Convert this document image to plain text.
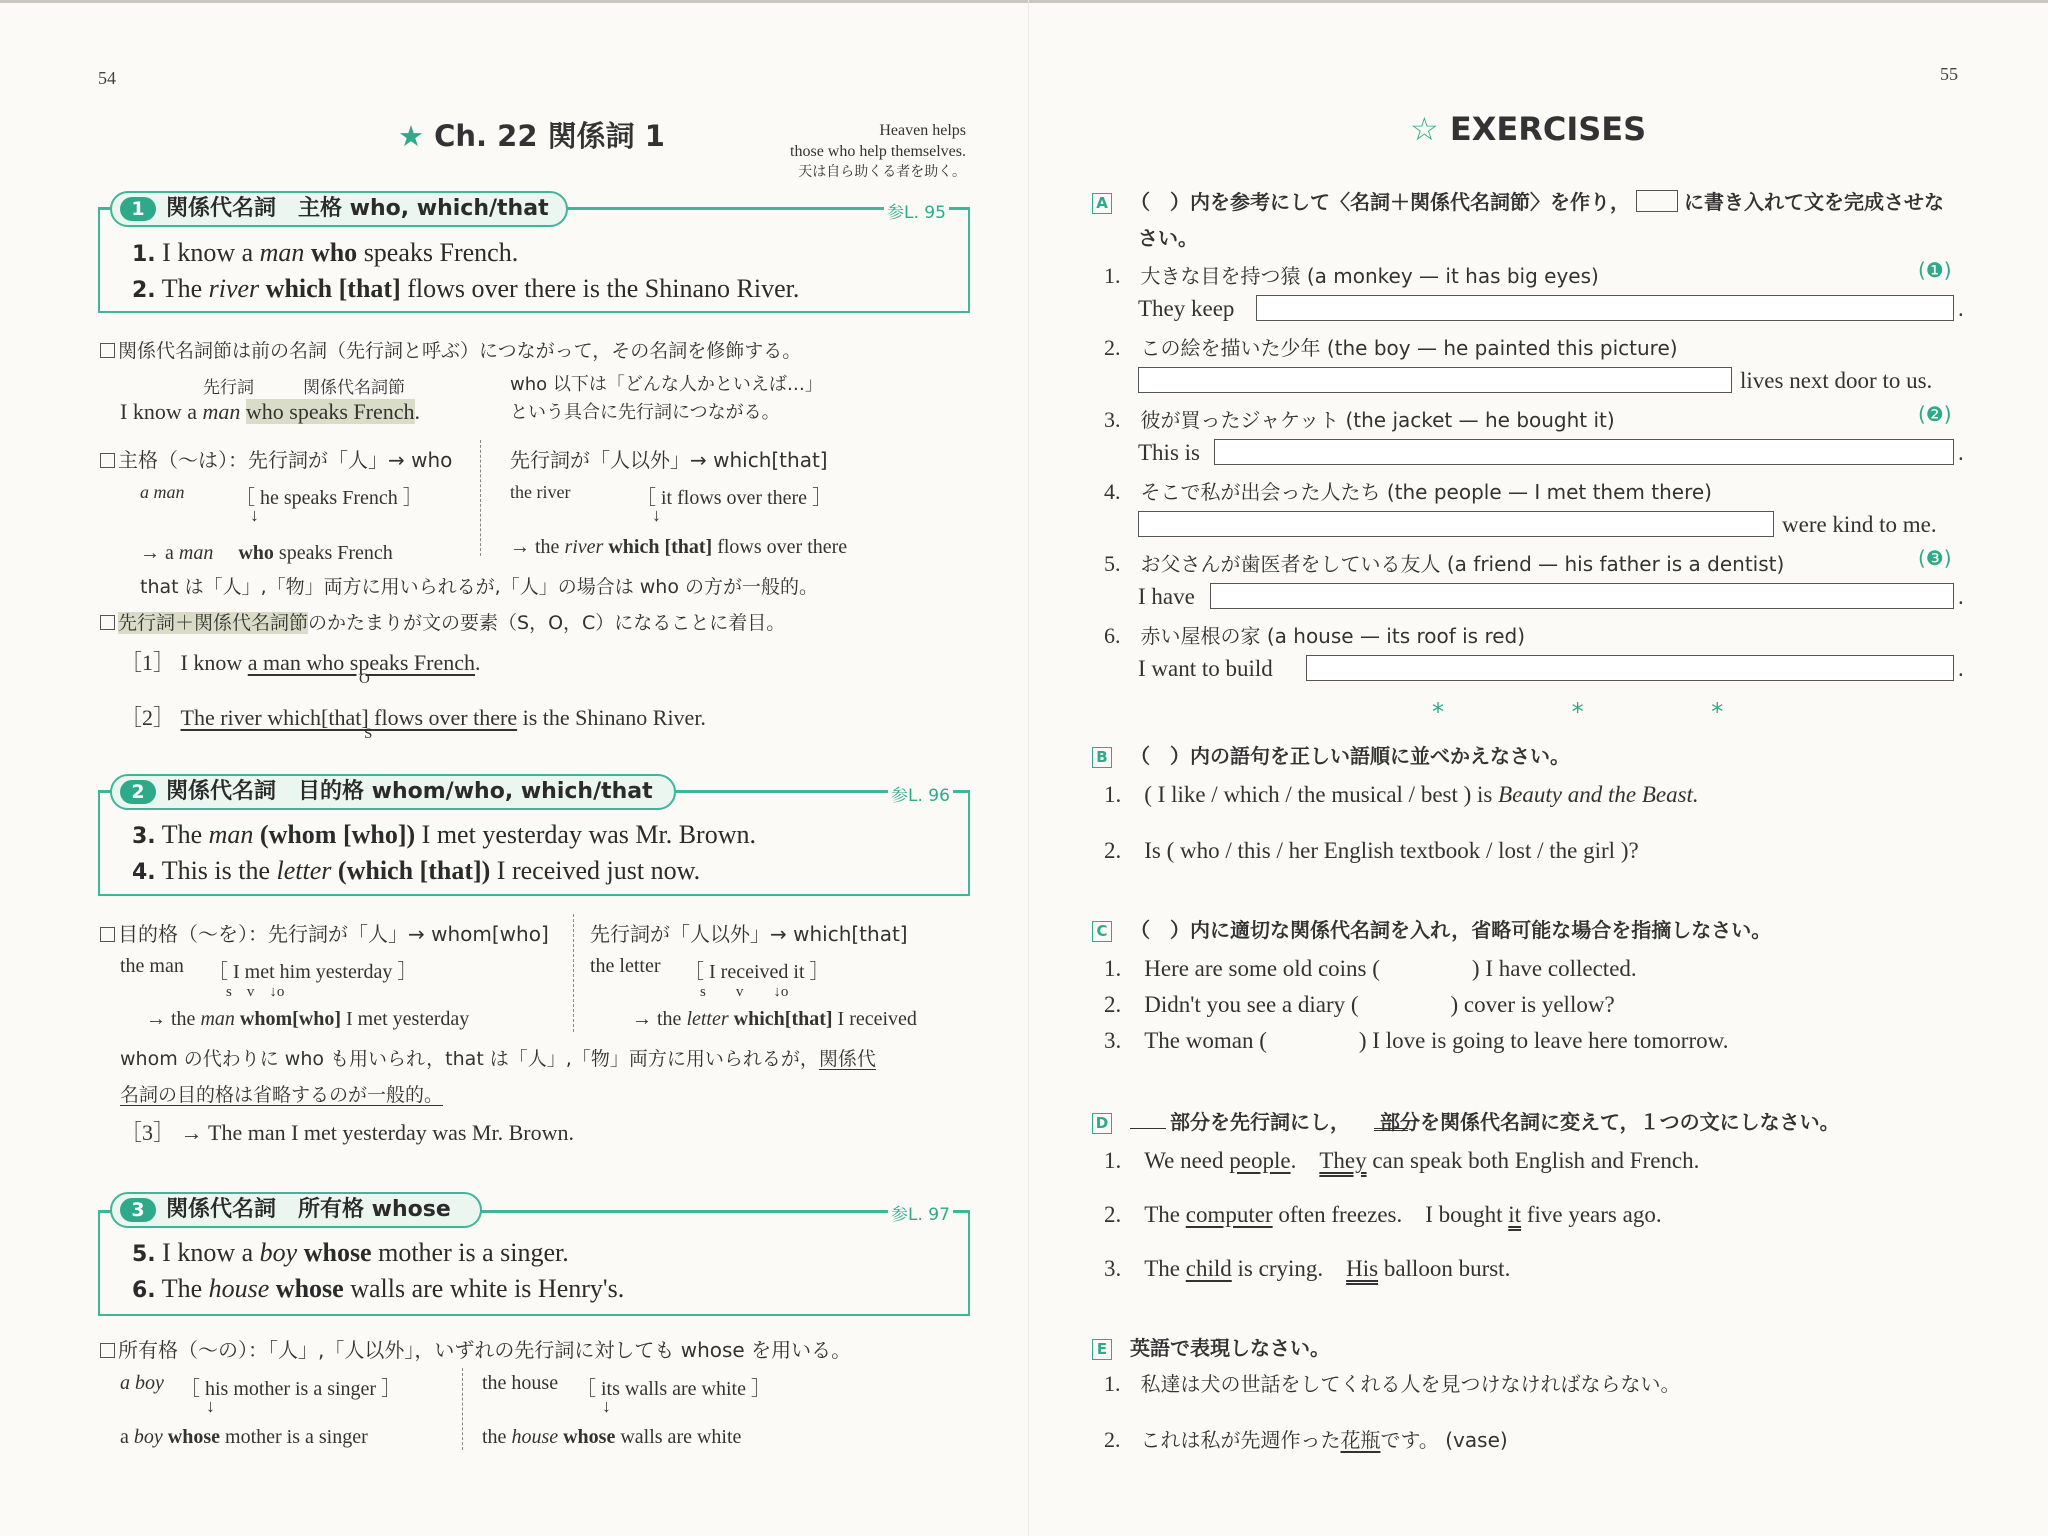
54
★ Ch. 22 関係詞 1	Heaven helps
those who help themselves.
天は自ら助くる者を助く。
1 関係代名詞　主格 who, which/that	参L. 95
1. I know a man who speaks French.
2. The river which [that] flows over there is the Shinano River.
関係代名詞節は前の名詞（先行詞と呼ぶ）につながって，その名詞を修飾する。
先行詞	関係代名詞節
I know a man who speaks French.
who 以下は「どんな人かといえば…」
という具合に先行詞につながる。
主格（～は）：先行詞が「人」→ who	先行詞が「人以外」→ which[that]
a man	［ he speaks French ］
↓
→ a man　 who speaks French
the river	［ it flows over there ］
↓
→ the river which [that] flows over there
that は「人」,「物」両方に用いられるが,「人」の場合は who の方が一般的。
先行詞＋関係代名詞節のかたまりが文の要素（S，O，C）になることに着目。
［1］ I know a man who speaks French.
O
［2］ The river which[that] flows over there is the Shinano River.
S
2 関係代名詞　目的格 whom/who, which/that	参L. 96
3. The man (whom [who]) I met yesterday was Mr. Brown.
4. This is the letter (which [that]) I received just now.
目的格（～を）：先行詞が「人」→ whom[who] 先行詞が「人以外」→ which[that]
the man ［ I met him yesterday ］
s　v　↓o
→ the man whom[who] I met yesterday
the letter ［ I received it ］
s　　v　　↓o
→ the letter which[that] I received
whom の代わりに who も用いられ，that は「人」,「物」両方に用いられるが，関係代
名詞の目的格は省略するのが一般的。
［3］ → The man I met yesterday was Mr. Brown.
3 関係代名詞　所有格 whose	参L. 97
5. I know a boy whose mother is a singer.
6. The house whose walls are white is Henry's.
所有格（～の）：「人」,「人以外」，いずれの先行詞に対しても whose を用いる。
a boy ［ his mother is a singer ］
↓
a boy whose mother is a singer
the house ［ its walls are white ］
↓
the house whose walls are white
55
☆ EXERCISES
A （　）内を参考にして〈名詞＋関係代名詞節〉を作り，	に書き入れて文を完成させな
さい。
1.　 大きな目を持つ猿 (a monkey — it has big eyes)	(❶)
They keep	.
2.　 この絵を描いた少年 (the boy — he painted this picture)
lives next door to us.
3.　 彼が買ったジャケット (the jacket — he bought it)	(❷)
This is	.
4.　 そこで私が出会った人たち (the people — I met them there)
were kind to me.
5.　 お父さんが歯医者をしている友人 (a friend — his father is a dentist)	(❸)
I have	.
6.　 赤い屋根の家 (a house — its roof is red)
I want to build	.
* * *
B （　）内の語句を正しい語順に並べかえなさい。
1.　 ( I like / which / the musical / best ) is Beauty and the Beast.
2.　 Is ( who / this / her English textbook / lost / the girl )?
C （　）内に適切な関係代名詞を入れ，省略可能な場合を指摘しなさい。
1.　 Here are some old coins (　　　　) I have collected.
2.　 Didn't you see a diary (　　　　) cover is yellow?
3.　 The woman (　　　　) I love is going to leave here tomorrow.
D	部分を先行詞にし，　　部分を関係代名詞に変えて，１つの文にしなさい。
1.　 We need people.　 They can speak both English and French.
2.　 The computer often freezes.　I bought it five years ago.
3.　 The child is crying.　 His balloon burst.
E 英語で表現しなさい。
1.　 私達は犬の世話をしてくれる人を見つけなければならない。
2.　 これは私が先週作った花瓶です。 (vase)
